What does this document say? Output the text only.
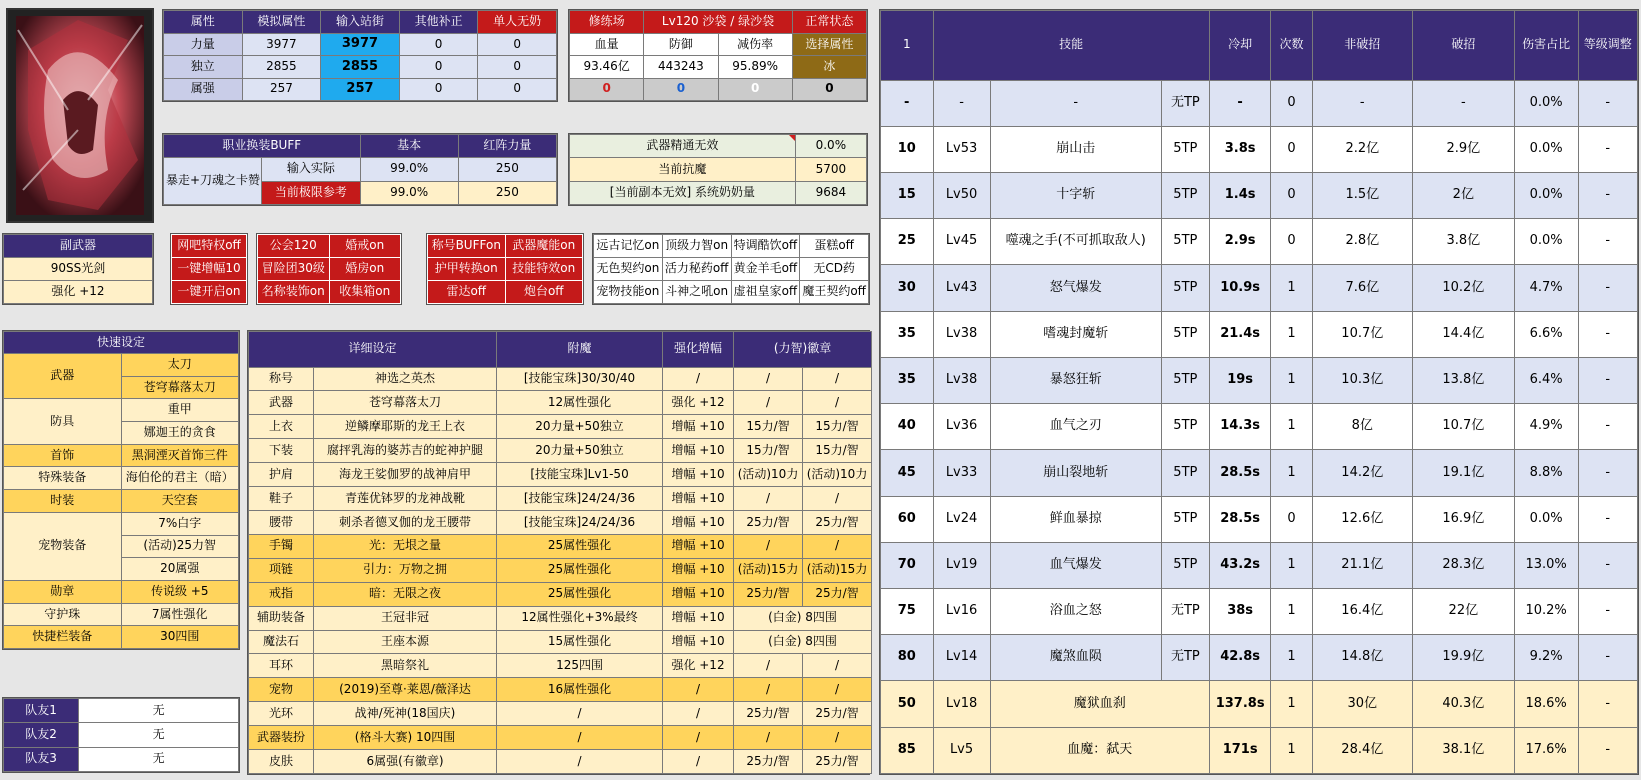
属性	模拟属性	输入站街	其他补正	单人无奶
力量	3977	3977	0	0
独立	2855	2855	0	0
属强	257	257	0	0
修练场	Lv120 沙袋 / 绿沙袋		正常状态
血量	防御	减伤率	选择属性
93.46亿	443243	95.89%	冰
0	0	0	0
职业换装BUFF		基本	红阵力量
暴走+刀魂之卡赞	输入实际	99.0%	250
	当前极限参考	99.0%	250
武器精通无效	0.0%
当前抗魔	5700
[当前副本无效] 系统奶奶量	9684
副武器
90SS光剑
强化 +12
网吧特权off
一键增幅10
一键开启on
公会120	婚戒on
冒险团30级	婚房on
名称装饰on	收集箱on
称号BUFFon	武器魔能on
护甲转换on	技能特效on
雷达off	炮台off
远古记忆on	顶级力智on	特调酷饮off	蛋糕off
无色契约on	活力秘药off	黄金羊毛off	无CD药
宠物技能on	斗神之吼on	虚祖皇家off	魔王契约off
快速设定	
武器	太刀
	苍穹幕落太刀
防具	重甲
	娜迦王的贪食
首饰	黑洞湮灭首饰三件
特殊装备	海伯伦的君主（暗）
时装	天空套
宠物装备	7%白字
	(活动)25力智
	20属强
勋章	传说级 +5
守护珠	7属性强化
快捷栏装备	30四围
队友1	无
队友2	无
队友3	无
详细设定		附魔	强化增幅	(力智)徽章	
称号	神选之英杰	[技能宝珠]30/30/40	/	/	/
武器	苍穹幕落太刀	12属性强化	强化 +12	/	/
上衣	逆鳞摩耶斯的龙王上衣	20力量+50独立	增幅 +10	15力/智	15力/智
下装	腐抨乳海的婆苏吉的蛇神护腿	20力量+50独立	增幅 +10	15力/智	15力/智
护肩	海龙王娑伽罗的战神肩甲	[技能宝珠]Lv1-50	增幅 +10	(活动)10力	(活动)10力
鞋子	青莲优钵罗的龙神战靴	[技能宝珠]24/24/36	增幅 +10	/	/
腰带	刺杀者德叉伽的龙王腰带	[技能宝珠]24/24/36	增幅 +10	25力/智	25力/智
手镯	光：无垠之量	25属性强化	增幅 +10	/	/
项链	引力：万物之拥	25属性强化	增幅 +10	(活动)15力	(活动)15力
戒指	暗：无限之夜	25属性强化	增幅 +10	25力/智	25力/智
辅助装备	王冠非冠	12属性强化+3%最终	增幅 +10	(白金) 8四围	
魔法石	王座本源	15属性强化	增幅 +10	(白金) 8四围	
耳环	黑暗祭礼	125四围	强化 +12	/	/
宠物	(2019)至尊·莱恩/薇泽达	16属性强化	/	/	/
光环	战神/死神(18国庆)	/	/	25力/智	25力/智
武器装扮	(格斗大赛) 10四围	/	/	/	/
皮肤	6属强(有徽章)	/	/	25力/智	25力/智
1	技能			冷却	次数	非破招	破招	伤害占比	等级调整
-	-	-	无TP	-	0	-	-	0.0%	-
10	Lv53	崩山击	5TP	3.8s	0	2.2亿	2.9亿	0.0%	-
15	Lv50	十字斩	5TP	1.4s	0	1.5亿	2亿	0.0%	-
25	Lv45	噬魂之手(不可抓取敌人)	5TP	2.9s	0	2.8亿	3.8亿	0.0%	-
30	Lv43	怒气爆发	5TP	10.9s	1	7.6亿	10.2亿	4.7%	-
35	Lv38	嗜魂封魔斩	5TP	21.4s	1	10.7亿	14.4亿	6.6%	-
35	Lv38	暴怒狂斩	5TP	19s	1	10.3亿	13.8亿	6.4%	-
40	Lv36	血气之刃	5TP	14.3s	1	8亿	10.7亿	4.9%	-
45	Lv33	崩山裂地斩	5TP	28.5s	1	14.2亿	19.1亿	8.8%	-
60	Lv24	鲜血暴掠	5TP	28.5s	0	12.6亿	16.9亿	0.0%	-
70	Lv19	血气爆发	5TP	43.2s	1	21.1亿	28.3亿	13.0%	-
75	Lv16	浴血之怒	无TP	38s	1	16.4亿	22亿	10.2%	-
80	Lv14	魔煞血陨	无TP	42.8s	1	14.8亿	19.9亿	9.2%	-
50	Lv18	魔狱血刹		137.8s	1	30亿	40.3亿	18.6%	-
85	Lv5	血魔：弑天		171s	1	28.4亿	38.1亿	17.6%	-
